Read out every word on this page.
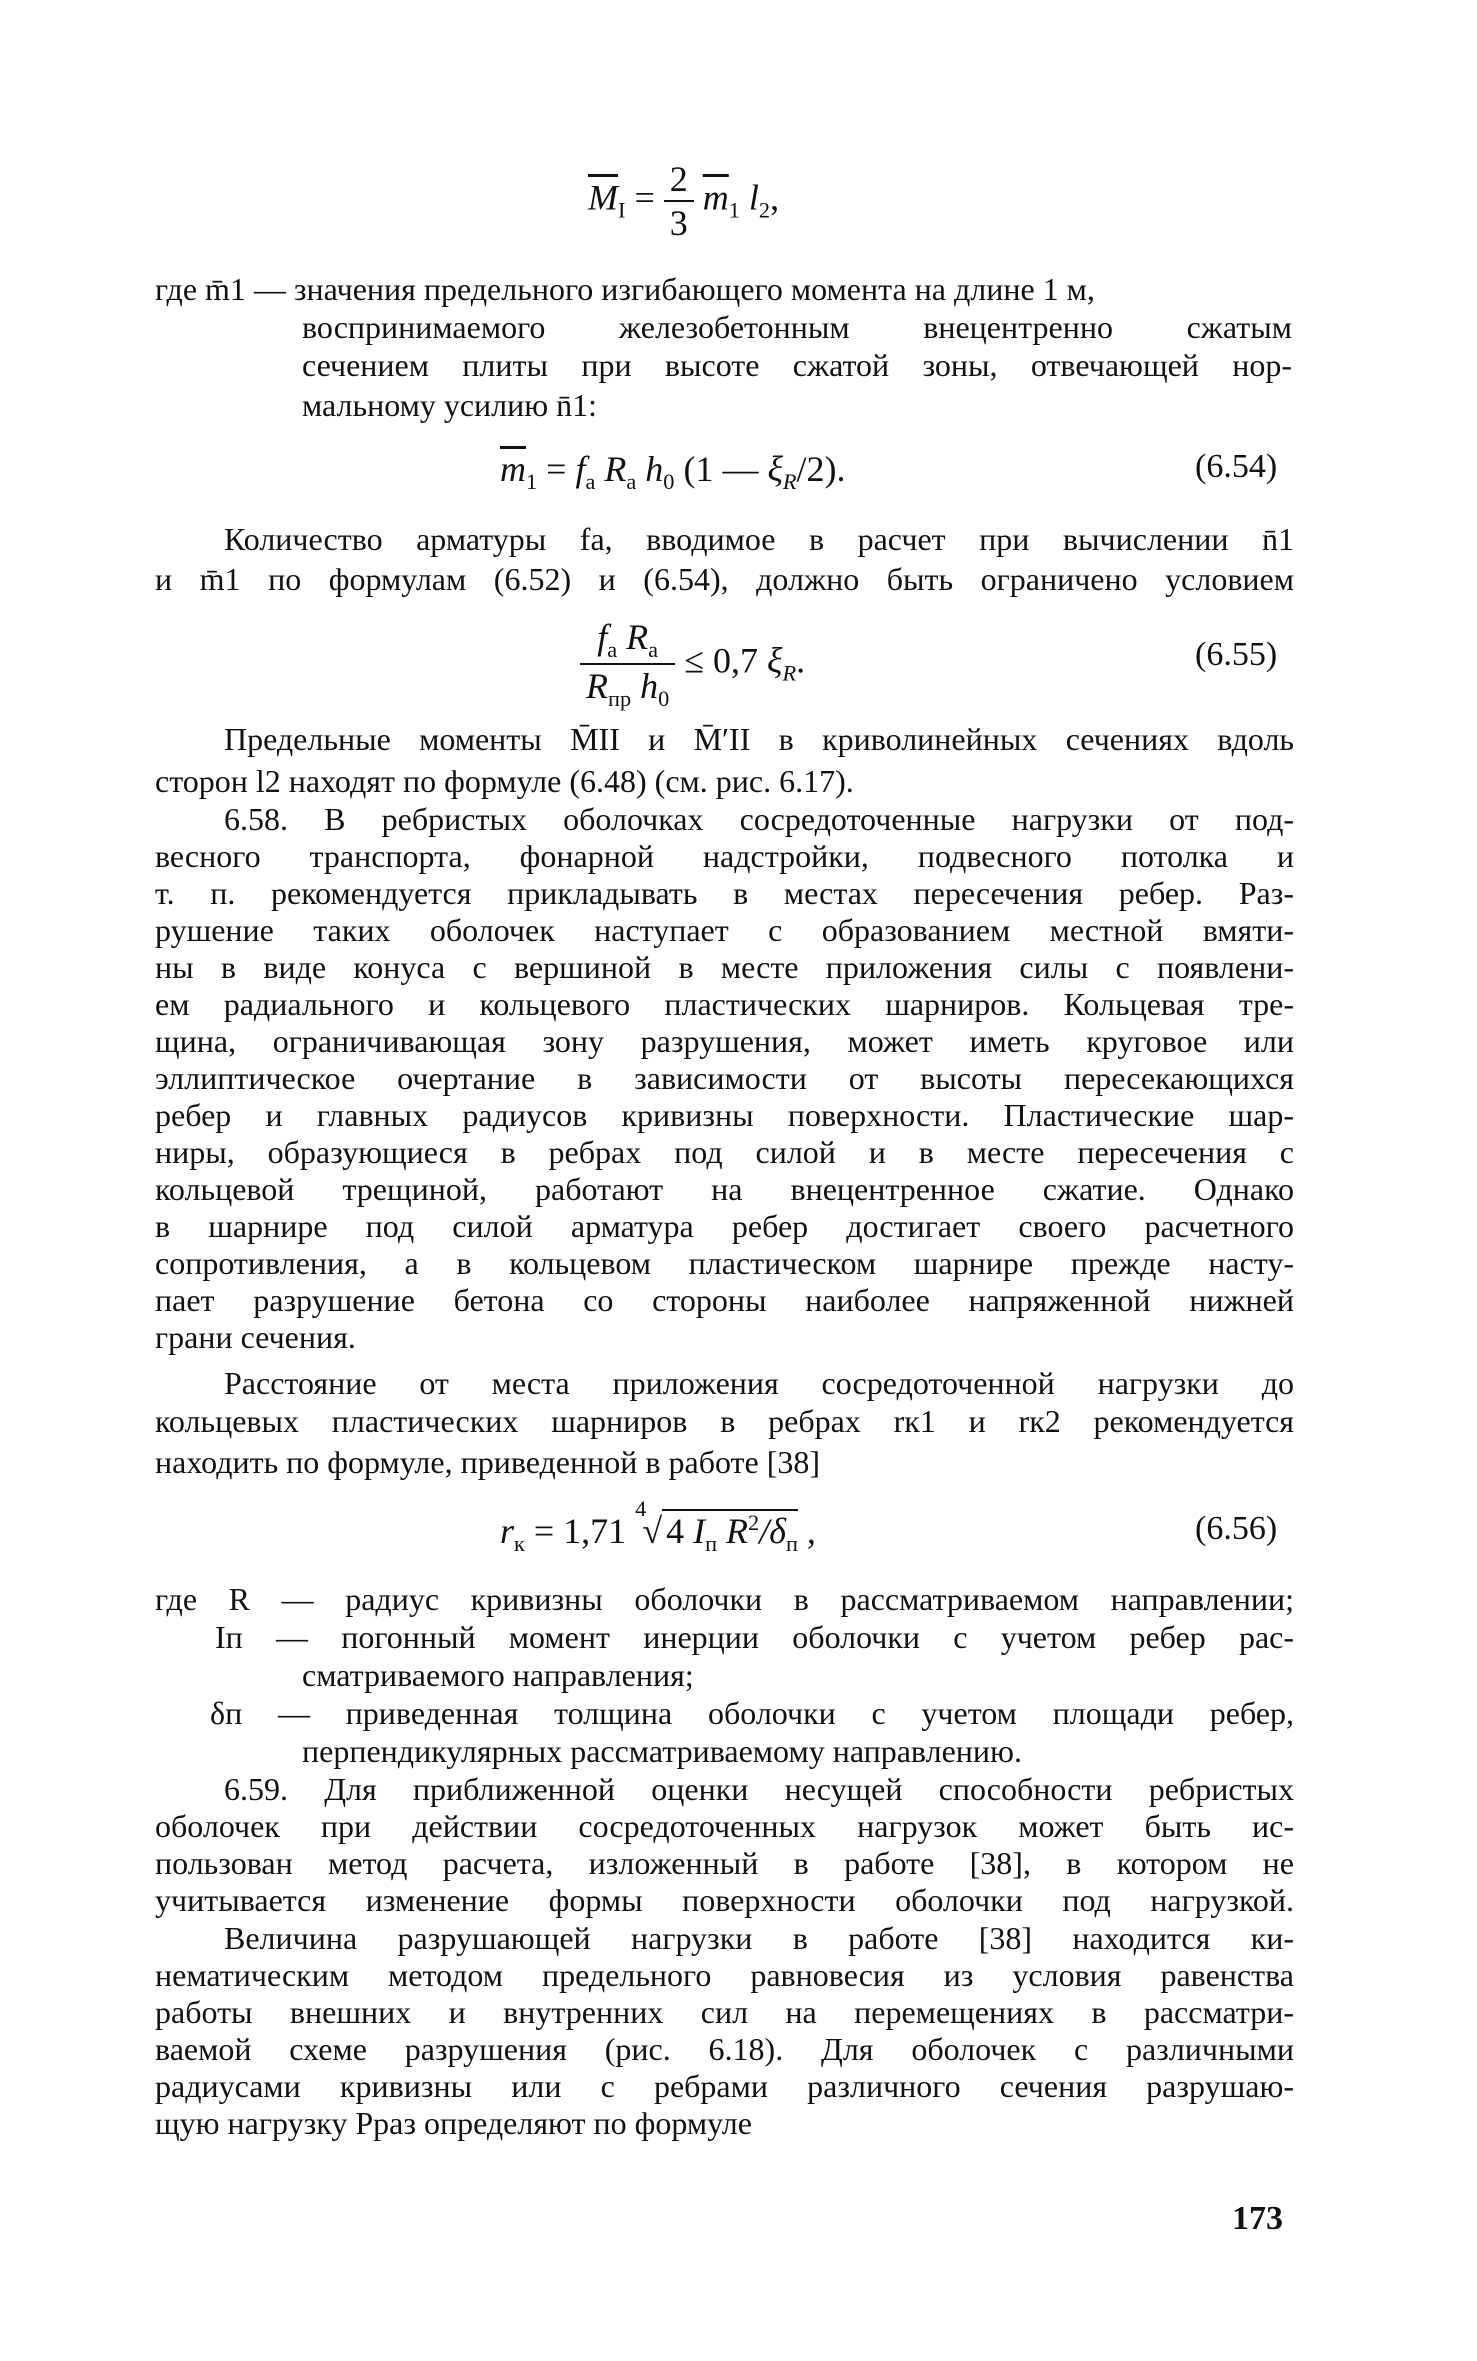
$\overline{M}_I = \frac{2}{3} \overline{m}_1$ $l_2$,
где m̄1 — значения предельного изгибающего момента на длине 1 м,
воспринимаемого железобетонным внецентренно сжатым
сечением плиты при высоте сжатой зоны, отвечающей нор-
мальному усилию n̄1:
$\overline{m}_1 = f_a$ $R_a$ $h_0$ (1 — $\xi_R/2$).	(6.54)
Количество арматуры fa, вводимое в расчет при вычислении n̄1
и m̄1 по формулам (6.52) и (6.54), должно быть ограничено условием
$\frac{f_a R_a}{R_{пр} h_0} \le 0,7$ $\xi_R$.	(6.55)
Предельные моменты M̄II и M̄′II в криволинейных сечениях вдоль
сторон l2 находят по формуле (6.48) (см. рис. 6.17).
6.58. В ребристых оболочках сосредоточенные нагрузки от под-
весного транспорта, фонарной надстройки, подвесного потолка и
т. п. рекомендуется прикладывать в местах пересечения ребер. Раз-
рушение таких оболочек наступает с образованием местной вмяти-
ны в виде конуса с вершиной в месте приложения силы с появлени-
ем радиального и кольцевого пластических шарниров. Кольцевая тре-
щина, ограничивающая зону разрушения, может иметь круговое или
эллиптическое очертание в зависимости от высоты пересекающихся
ребер и главных радиусов кривизны поверхности. Пластические шар-
ниры, образующиеся в ребрах под силой и в месте пересечения с
кольцевой трещиной, работают на внецентренное сжатие. Однако
в шарнире под силой арматура ребер достигает своего расчетного
сопротивления, а в кольцевом пластическом шарнире прежде насту-
пает разрушение бетона со стороны наиболее напряженной нижней
грани сечения.
Расстояние от места приложения сосредоточенной нагрузки до
кольцевых пластических шарниров в ребрах rк1 и rк2 рекомендуется
находить по формуле, приведенной в работе [38]
$r_к = 1,71$ $^4$√ 4 $I_п$ $R^2/\delta_п$ ,	(6.56)
где R — радиус кривизны оболочки в рассматриваемом направлении;
Iп — погонный момент инерции оболочки с учетом ребер рас-
сматриваемого направления;
δп — приведенная толщина оболочки с учетом площади ребер,
перпендикулярных рассматриваемому направлению.
6.59. Для приближенной оценки несущей способности ребристых
оболочек при действии сосредоточенных нагрузок может быть ис-
пользован метод расчета, изложенный в работе [38], в котором не
учитывается изменение формы поверхности оболочки под нагрузкой.
Величина разрушающей нагрузки в работе [38] находится ки-
нематическим методом предельного равновесия из условия равенства
работы внешних и внутренних сил на перемещениях в рассматри-
ваемой схеме разрушения (рис. 6.18). Для оболочек с различными
радиусами кривизны или с ребрами различного сечения разрушаю-
щую нагрузку Pраз определяют по формуле
173
M̄ m̄ fa rк
